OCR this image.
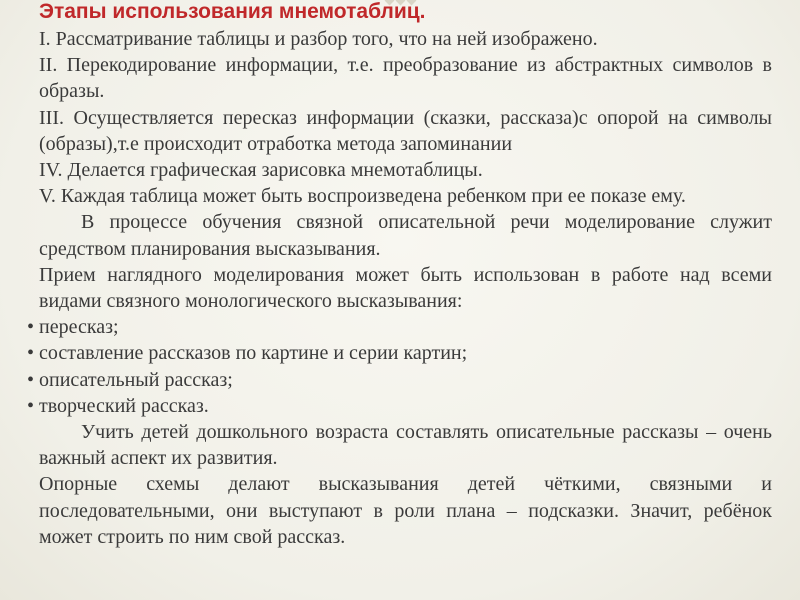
Этапы использования мнемотаблиц.

I. Рассматривание таблицы и разбор того, что на ней изображено.

II. Перекодирование информации, т.е. преобразование из абстрактных символов в образы.

III. Осуществляется пересказ информации (сказки, рассказа)с опорой на символы (образы),т.е происходит отработка метода запоминании

IV. Делается графическая зарисовка мнемотаблицы.

V. Каждая таблица может быть воспроизведена ребенком при ее показе ему.

В процессе обучения связной описательной речи моделирование служит средством планирования высказывания.

Прием наглядного моделирования может быть использован в работе над всеми видами связного монологического высказывания:

• пересказ;
• составление рассказов по картине и серии картин;
• описательный рассказ;
• творческий рассказ.

Учить детей дошкольного возраста составлять описательные рассказы – очень важный аспект их развития.

Опорные схемы делают высказывания детей чёткими, связными и последовательными, они выступают в роли плана – подсказки. Значит, ребёнок может строить по ним свой рассказ.
